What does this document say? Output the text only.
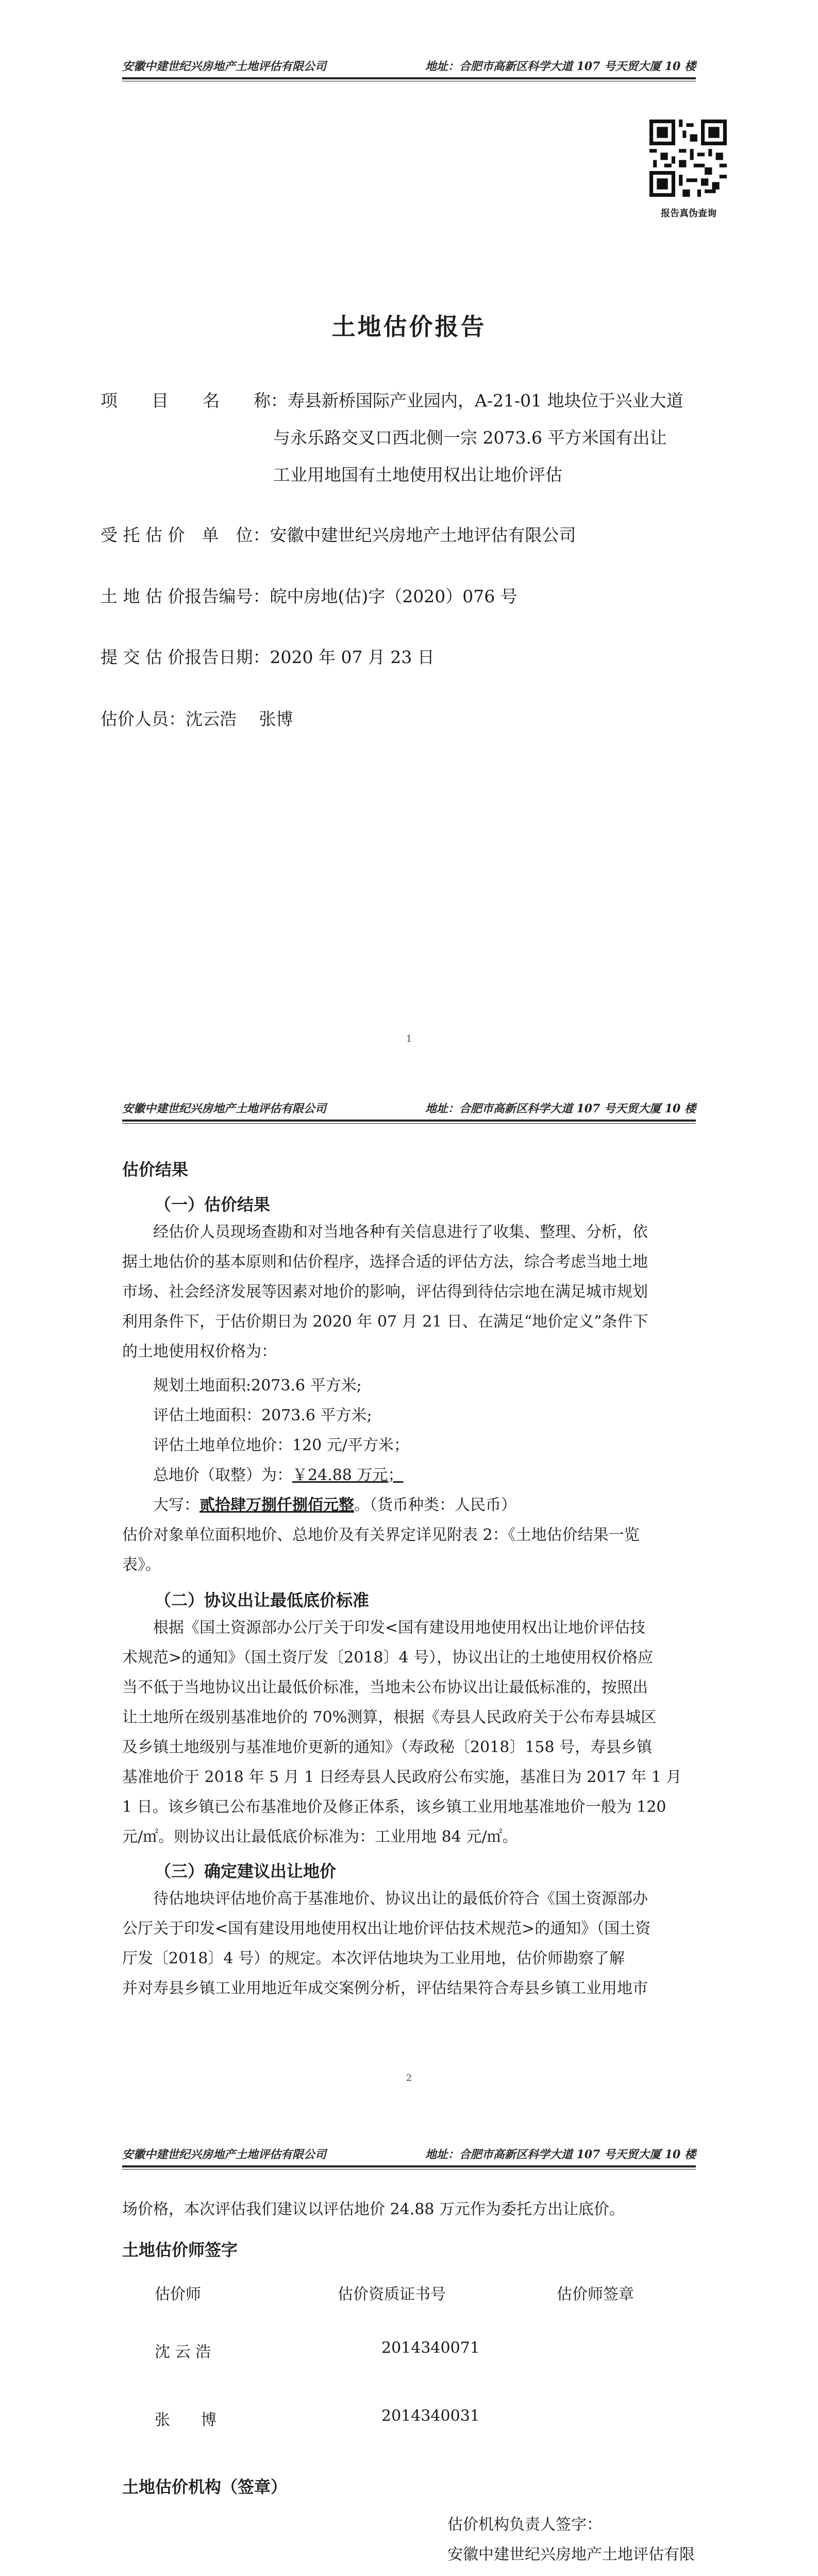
安徽中建世纪兴房地产土地评估有限公司	地址：合肥市高新区科学大道 107 号天贸大厦 10 楼
报告真伪查询
土地估价报告
项　　目　　名　　称：寿县新桥国际产业园内，A-21-01 地块位于兴业大道
与永乐路交叉口西北侧一宗 2073.6 平方米国有出让
工业用地国有土地使用权出让地价评估
受 托 估 价　单　位：安徽中建世纪兴房地产土地评估有限公司
土 地 估 价报告编号：皖中房地(估)字（2020）076 号
提 交 估 价报告日期：2020 年 07 月 23 日
估价人员：沈云浩　 张博
1
安徽中建世纪兴房地产土地评估有限公司	地址：合肥市高新区科学大道 107 号天贸大厦 10 楼
估价结果
（一）估价结果
经估价人员现场查勘和对当地各种有关信息进行了收集、整理、分析，依
据土地估价的基本原则和估价程序，选择合适的评估方法，综合考虑当地土地
市场、社会经济发展等因素对地价的影响，评估得到待估宗地在满足城市规划
利用条件下，于估价期日为 2020 年 07 月 21 日、在满足“地价定义”条件下
的土地使用权价格为：
规划土地面积:2073.6 平方米;
评估土地面积：2073.6 平方米;
评估土地单位地价：120 元/平方米；
总地价（取整）为：￥24.88 万元；
大写：贰拾肆万捌仟捌佰元整。（货币种类：人民币）
估价对象单位面积地价、总地价及有关界定详见附表 2：《土地估价结果一览
表》。
（二）协议出让最低底价标准
根据《国土资源部办公厅关于印发<国有建设用地使用权出让地价评估技
术规范>的通知》（国土资厅发〔2018〕4 号），协议出让的土地使用权价格应
当不低于当地协议出让最低价标准，当地未公布协议出让最低标准的，按照出
让土地所在级别基准地价的 70%测算，根据《寿县人民政府关于公布寿县城区
及乡镇土地级别与基准地价更新的通知》（寿政秘〔2018〕158 号，寿县乡镇
基准地价于 2018 年 5 月 1 日经寿县人民政府公布实施，基准日为 2017 年 1 月
1 日。该乡镇已公布基准地价及修正体系，该乡镇工业用地基准地价一般为 120
元/㎡。则协议出让最低底价标准为：工业用地 84 元/㎡。
（三）确定建议出让地价
待估地块评估地价高于基准地价、协议出让的最低价符合《国土资源部办
公厅关于印发<国有建设用地使用权出让地价评估技术规范>的通知》（国土资
厅发〔2018〕4 号）的规定。本次评估地块为工业用地，估价师勘察了解
并对寿县乡镇工业用地近年成交案例分析，评估结果符合寿县乡镇工业用地市
2
安徽中建世纪兴房地产土地评估有限公司	地址：合肥市高新区科学大道 107 号天贸大厦 10 楼
场价格，本次评估我们建议以评估地价 24.88 万元作为委托方出让底价。
土地估价师签字
估价师	估价资质证书号	估价师签章
沈 云 浩	2014340071
张　　博	2014340031
土地估价机构（签章）
估价机构负责人签字：
安徽中建世纪兴房地产土地评估有限
